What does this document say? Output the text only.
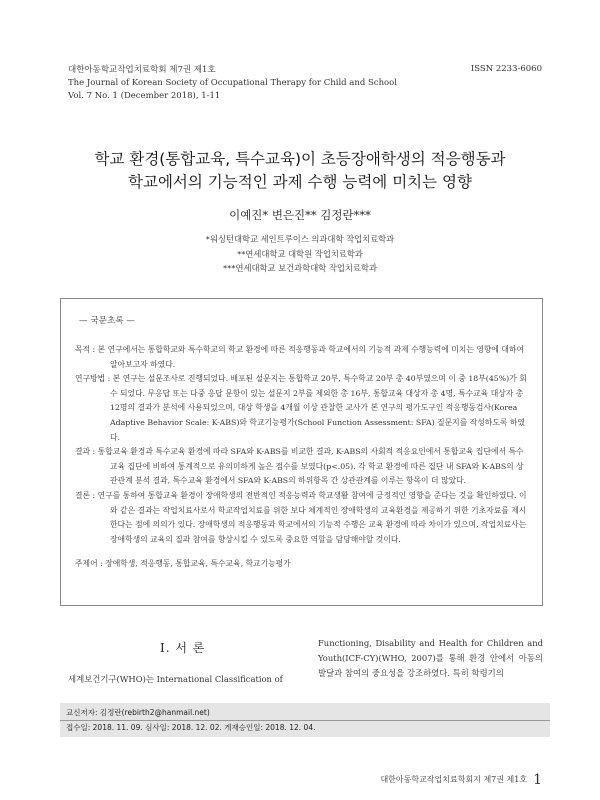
대한아동학교작업치료학회 제7권 제1호
The Journal of Korean Society of Occupational Therapy for Child and School
Vol. 7 No. 1 (December 2018), 1-11
ISSN 2233-6060
학교 환경(통합교육, 특수교육)이 초등장애학생의 적응행동과
학교에서의 기능적인 과제 수행 능력에 미치는 영향
이예진* 변은진** 김정란***
*워싱턴대학교 세인트루이스 의과대학 작업치료학과
**연세대학교 대학원 작업치료학과
***연세대학교 보건과학대학 작업치료학과
— 국문초록 —

목적 : 본 연구에서는 통합학교와 특수학교의 학교 환경에 따른 적응행동과 학교에서의 기능적 과제 수행능력에 미치는 영향에 대하여 알아보고자 하였다.

연구방법 : 본 연구는 설문조사로 진행되었다. 배포된 설문지는 통합학교 20부, 특수학교 20부 총 40부였으며 이 중 18부(45%)가 회수 되었다. 무응답 또는 다중 응답 문항이 있는 설문지 2부를 제외한 총 16부, 통합교육 대상자 총 4명, 특수교육 대상자 총 12명의 결과가 분석에 사용되었으며, 대상 학생을 4개월 이상 관찰한 교사가 본 연구의 평가도구인 적응행동검사(Korea Adaptive Behavior Scale: K-ABS)와 학교기능평가(School Function Assessment: SFA) 질문지를 작성하도록 하였다.

결과 : 통합교육 환경과 특수교육 환경에 따라 SFA와 K-ABS를 비교한 결과, K-ABS의 사회적 적응요인에서 통합교육 집단에서 특수교육 집단에 비하여 통계적으로 유의미하게 높은 점수를 보였다(p<.05). 각 학교 환경에 따른 집단 내 SFA와 K-ABS의 상관관계 분석 결과, 특수교육 환경에서 SFA와 K-ABS의 하위항목 간 상관관계를 이루는 항목이 더 많았다.

결론 : 연구를 통하여 통합교육 환경이 장애학생의 전반적인 적응능력과 학교생활 참여에 긍정적인 영향을 준다는 것을 확인하였다. 이와 같은 결과는 작업치료사로서 학교작업치료를 위한 보다 체계적인 장애학생의 교육환경을 제공하기 위한 기초자료를 제시한다는 점에 의의가 있다. 장애학생의 적응행동과 학교에서의 기능적 수행은 교육 환경에 따라 차이가 있으며, 작업치료사는 장애학생의 교육의 질과 참여를 향상시킬 수 있도록 중요한 역할을 담당해야할 것이다.

주제어 : 장애학생, 적응행동, 통합교육, 특수교육, 학교기능평가

Ⅰ. 서 론
세계보건기구(WHO)는 International Classification of
Functioning, Disability and Health for Children and Youth(ICF-CY)(WHO, 2007)를 통해 환경 안에서 아동의 발달과 참여의 중요성을 강조하였다. 특히 학령기의
교신저자: 김정란(rebirth2@hanmail.net)
접수일: 2018. 11. 09. 심사일: 2018. 12. 02. 게재승인일: 2018. 12. 04.
대한아동학교작업치료학회지 제7권 제1호 1
